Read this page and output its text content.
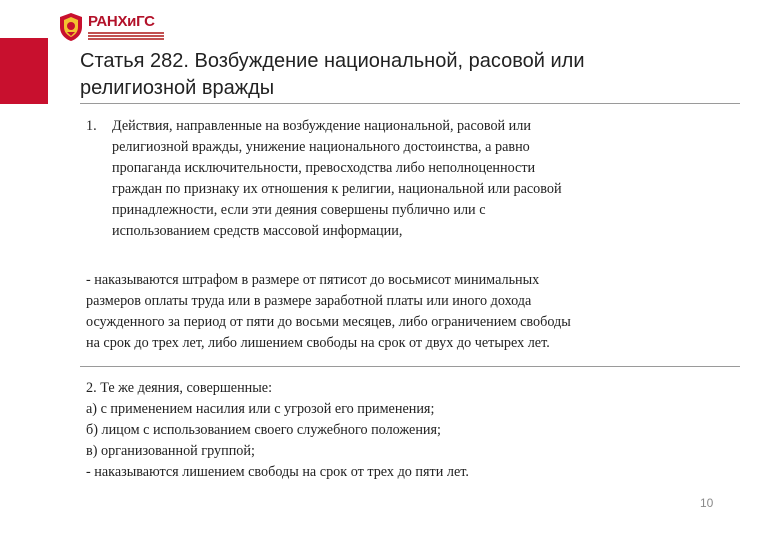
РАНХиГС
Статья 282. Возбуждение национальной, расовой или
религиозной вражды
1.	Действия, направленные на возбуждение национальной, расовой или
религиозной вражды, унижение национального достоинства, а равно
пропаганда исключительности, превосходства либо неполноценности
граждан по признаку их отношения к религии, национальной или расовой
принадлежности, если эти деяния совершены публично или с
использованием средств массовой информации,
- наказываются штрафом в размере от пятисот до восьмисот минимальных
размеров оплаты труда или в размере заработной платы или иного дохода
осужденного за период от пяти до восьми месяцев, либо ограничением свободы
на срок до трех лет, либо лишением свободы на срок от двух до четырех лет.
2. Те же деяния, совершенные:
а) с применением насилия или с угрозой его применения;
б) лицом с использованием своего служебного положения;
в) организованной группой;
- наказываются лишением свободы на срок от трех до пяти лет.
10
